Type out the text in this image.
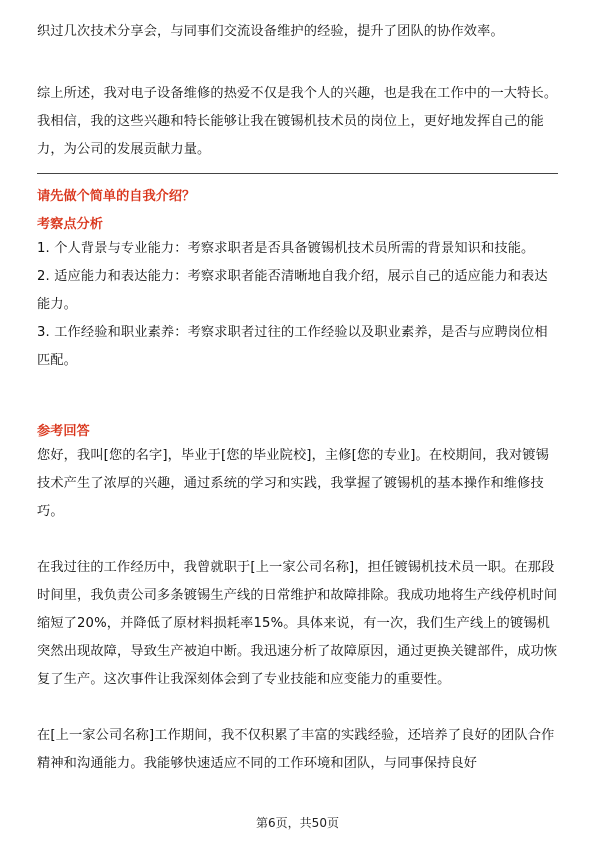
织过几次技术分享会，与同事们交流设备维护的经验，提升了团队的协作效率。

综上所述，我对电子设备维修的热爱不仅是我个人的兴趣，也是我在工作中的一大特长。我相信，我的这些兴趣和特长能够让我在镀锡机技术员的岗位上，更好地发挥自己的能力，为公司的发展贡献力量。

请先做个简单的自我介绍？
考察点分析

1. 个人背景与专业能力：考察求职者是否具备镀锡机技术员所需的背景知识和技能。

2. 适应能力和表达能力：考察求职者能否清晰地自我介绍，展示自己的适应能力和表达能力。

3. 工作经验和职业素养：考察求职者过往的工作经验以及职业素养，是否与应聘岗位相匹配。

参考回答

您好，我叫[您的名字]，毕业于[您的毕业院校]，主修[您的专业]。在校期间，我对镀锡技术产生了浓厚的兴趣，通过系统的学习和实践，我掌握了镀锡机的基本操作和维修技巧。

在我过往的工作经历中，我曾就职于[上一家公司名称]，担任镀锡机技术员一职。在那段时间里，我负责公司多条镀锡生产线的日常维护和故障排除。我成功地将生产线停机时间缩短了20%，并降低了原材料损耗率15%。具体来说，有一次，我们生产线上的镀锡机突然出现故障，导致生产被迫中断。我迅速分析了故障原因，通过更换关键部件，成功恢复了生产。这次事件让我深刻体会到了专业技能和应变能力的重要性。

在[上一家公司名称]工作期间，我不仅积累了丰富的实践经验，还培养了良好的团队合作精神和沟通能力。我能够快速适应不同的工作环境和团队，与同事保持良好

第6页，共50页
